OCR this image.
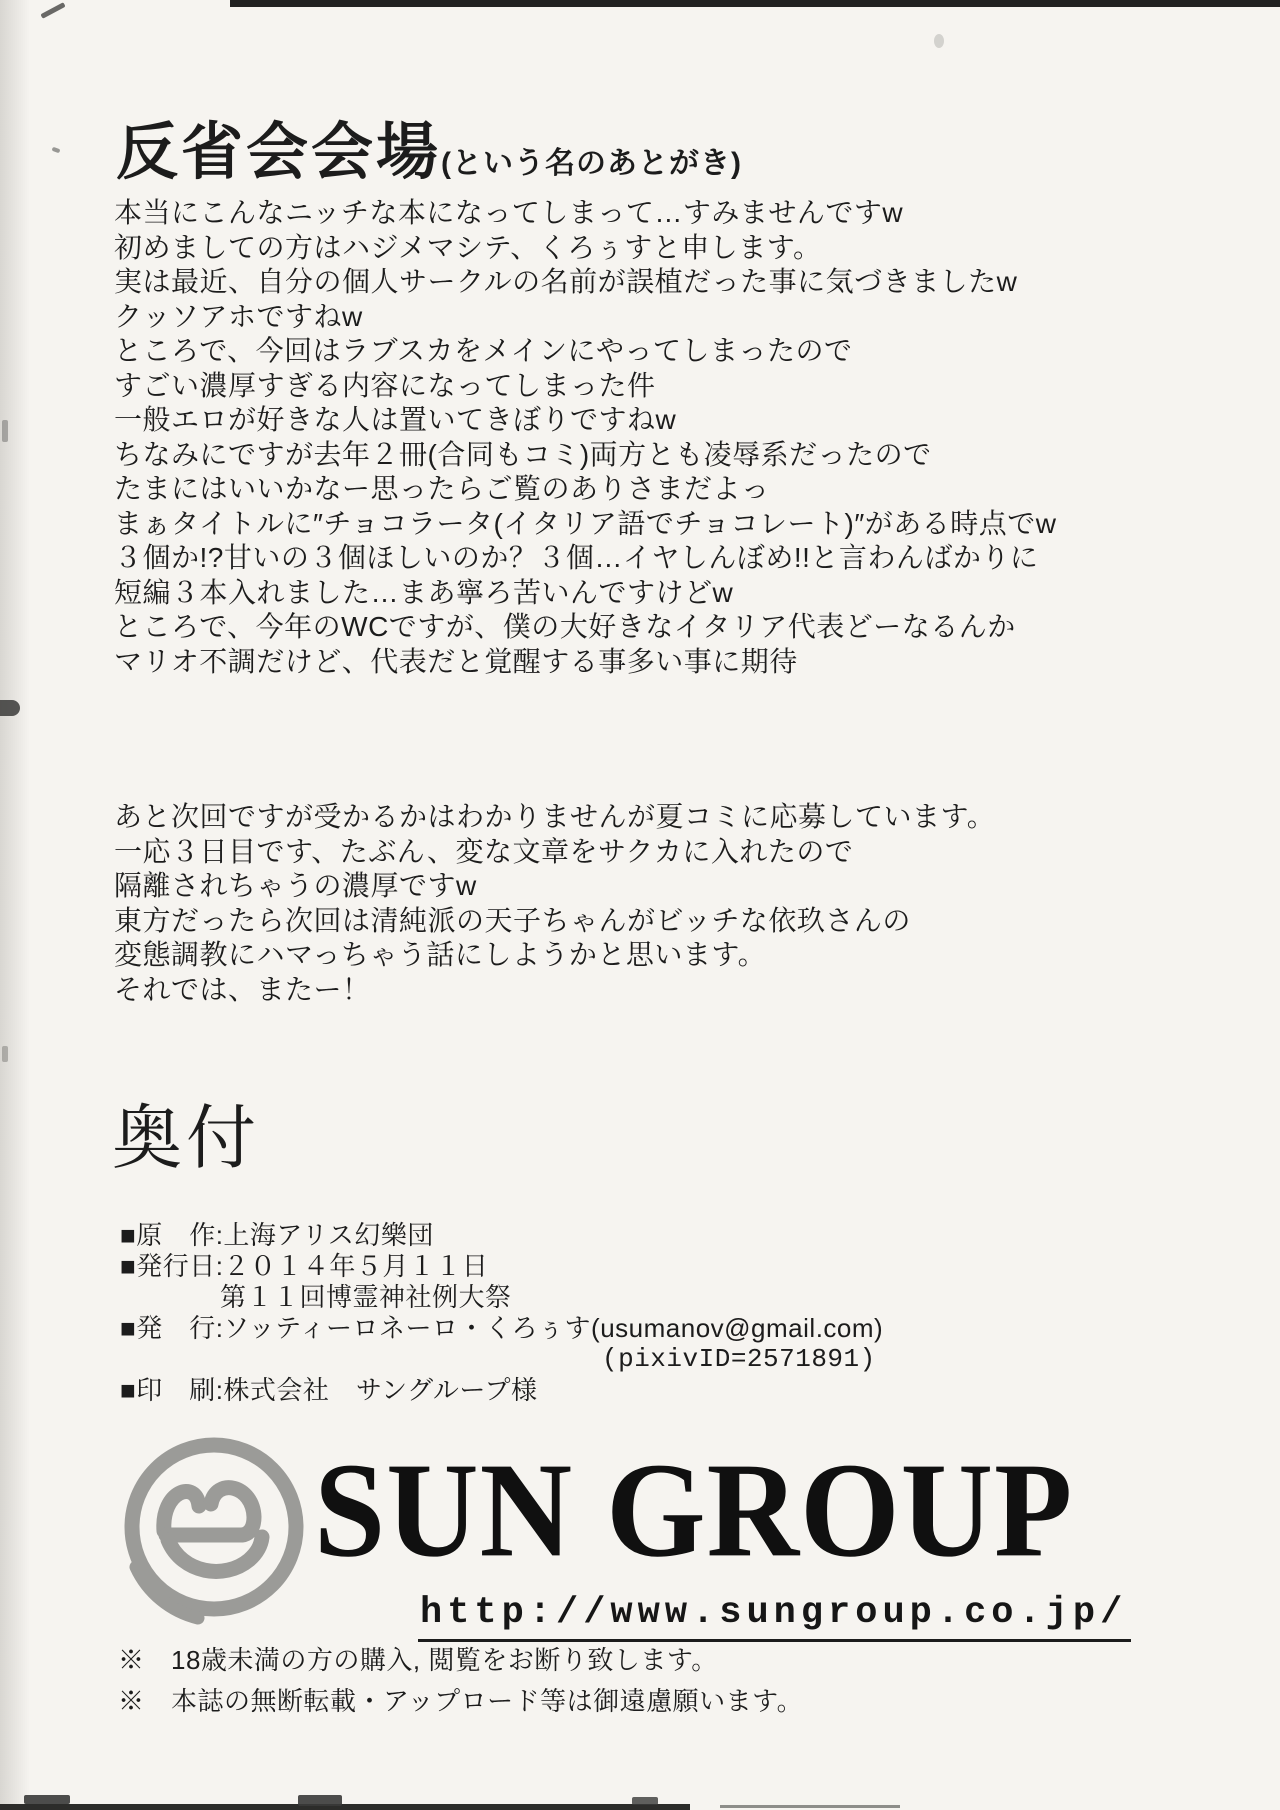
反省会会場 (という名のあとがき)
本当にこんなニッチな本になってしまって…すみませんですw
初めましての方はハジメマシテ、くろぅすと申します。
実は最近、自分の個人サークルの名前が誤植だった事に気づきましたw
クッソアホですねw
ところで、今回はラブスカをメインにやってしまったので
すごい濃厚すぎる内容になってしまった件
一般エロが好きな人は置いてきぼりですねw
ちなみにですが去年２冊(合同もコミ)両方とも凌辱系だったので
たまにはいいかなー思ったらご覧のありさまだよっ
まぁタイトルに″チョコラータ(イタリア語でチョコレート)″がある時点でw
３個か!?甘いの３個ほしいのか？３個…イヤしんぼめ!!と言わんばかりに
短編３本入れました…まあ寧ろ苦いんですけどw
ところで、今年のWCですが、僕の大好きなイタリア代表どーなるんか
マリオ不調だけど、代表だと覚醒する事多い事に期待
あと次回ですが受かるかはわかりませんが夏コミに応募しています。
一応３日目です、たぶん、変な文章をサクカに入れたので
隔離されちゃうの濃厚ですw
東方だったら次回は清純派の天子ちゃんがビッチな依玖さんの
変態調教にハマっちゃう話にしようかと思います。
それでは、またー！
奥付
■原　作:上海アリス幻樂団
■発行日:２０１４年５月１１日
第１１回博霊神社例大祭
■発　行:ソッティーロネーロ・くろぅす(usumanov@gmail.com)
(pixivID=2571891)
■印　刷:株式会社　サングループ様
SUN GROUP
http://www.sungroup.co.jp/
※　18歳未満の方の購入, 閲覧をお断り致します。
※　本誌の無断転載・アップロード等は御遠慮願います。
